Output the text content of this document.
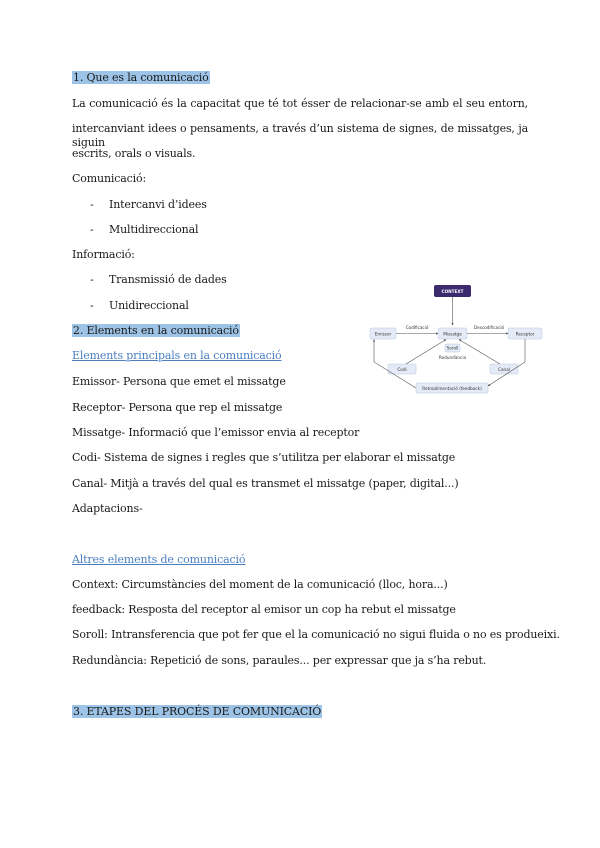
1. Que es la comunicació
La comunicació és la capacitat que té tot ésser de relacionar-se amb el seu entorn,
intercanviant idees o pensaments, a través d’un sistema de signes, de missatges, ja siguin
escrits, orals o visuals.
Comunicació:
- Intercanvi d’idees
- Multidireccional
Informació:
- Transmissió de dades
- Unidireccional
2. Elements en la comunicació
Elements principals en la comunicació
Emissor- Persona que emet el missatge
Receptor- Persona que rep el missatge
Missatge- Informació que l’emissor envia al receptor
Codi- Sistema de signes i regles que s’utilitza per elaborar el missatge
Canal- Mitjà a través del qual es transmet el missatge (paper, digital...)
Adaptacions-
Altres elements de comunicació
Context: Circumstàncies del moment de la comunicació (lloc, hora...)
feedback: Resposta del receptor al emisor un cop ha rebut el missatge
Soroll: Intransferencia que pot fer que el la comunicació no sigui fluida o no es produeixi.
Redundància: Repetició de sons, paraules... per expressar que ja s’ha rebut.
3. ETAPES DEL PROCÉS DE COMUNICACIÓ
CONTEXT
Emissor	Missatge	Receptor
Codificació	Descodificació
Soroll
Redundància
Codi	Canal
Retroalimentació (feedback)
